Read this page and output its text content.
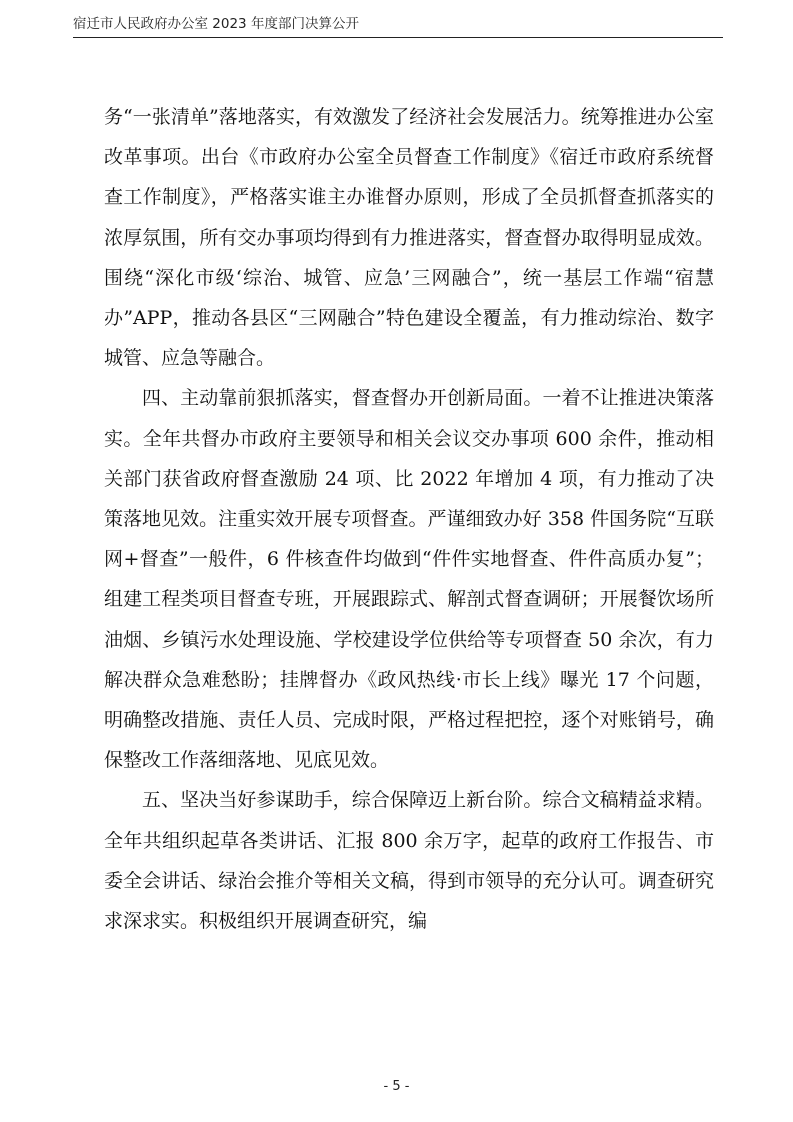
宿迁市人民政府办公室 2023 年度部门决算公开

务“一张清单”落地落实，有效激发了经济社会发展活力。统筹推进办公室改革事项。出台《市政府办公室全员督查工作制度》《宿迁市政府系统督查工作制度》，严格落实谁主办谁督办原则，形成了全员抓督查抓落实的浓厚氛围，所有交办事项均得到有力推进落实，督查督办取得明显成效。围绕“深化市级‘综治、城管、应急’三网融合”，统一基层工作端“宿慧办”APP，推动各县区“三网融合”特色建设全覆盖，有力推动综治、数字城管、应急等融合。

四、主动靠前狠抓落实，督查督办开创新局面。一着不让推进决策落实。全年共督办市政府主要领导和相关会议交办事项 600 余件，推动相关部门获省政府督查激励 24 项、比 2022 年增加 4 项，有力推动了决策落地见效。注重实效开展专项督查。严谨细致办好 358 件国务院“互联网+督查”一般件，6 件核查件均做到“件件实地督查、件件高质办复”；组建工程类项目督查专班，开展跟踪式、解剖式督查调研；开展餐饮场所油烟、乡镇污水处理设施、学校建设学位供给等专项督查 50 余次，有力解决群众急难愁盼；挂牌督办《政风热线·市长上线》曝光 17 个问题，明确整改措施、责任人员、完成时限，严格过程把控，逐个对账销号，确保整改工作落细落地、见底见效。

五、坚决当好参谋助手，综合保障迈上新台阶。综合文稿精益求精。全年共组织起草各类讲话、汇报 800 余万字，起草的政府工作报告、市委全会讲话、绿治会推介等相关文稿，得到市领导的充分认可。调查研究求深求实。积极组织开展调查研究，编

- 5 -
